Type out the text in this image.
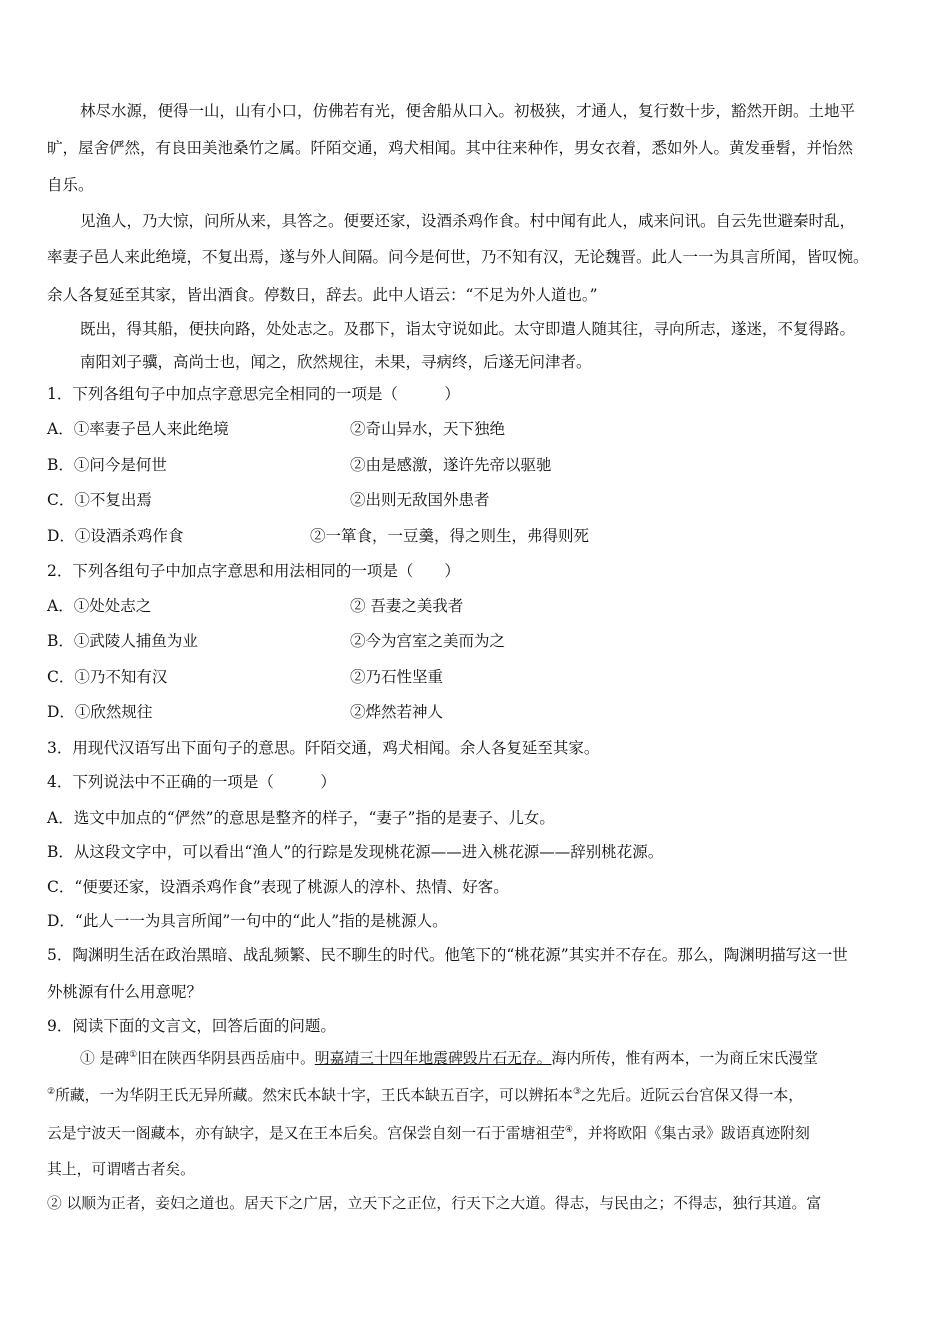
林尽水源，便得一山，山有小口，仿佛若有光，便舍船从口入。初极狭，才通人，复行数十步，豁然开朗。土地平
旷，屋舍俨然，有良田美池桑竹之属。阡陌交通，鸡犬相闻。其中往来种作，男女衣着，悉如外人。黄发垂髫，并怡然
自乐。
见渔人，乃大惊，问所从来，具答之。便要还家，设酒杀鸡作食。村中闻有此人，咸来问讯。自云先世避秦时乱，
率妻子邑人来此绝境，不复出焉，遂与外人间隔。问今是何世，乃不知有汉，无论魏晋。此人一一为具言所闻，皆叹惋。
余人各复延至其家，皆出酒食。停数日，辞去。此中人语云：“不足为外人道也。”
既出，得其船，便扶向路，处处志之。及郡下，诣太守说如此。太守即遣人随其往，寻向所志，遂迷，不复得路。
南阳刘子骥，高尚士也，闻之，欣然规往，未果，寻病终，后遂无问津者。
1．下列各组句子中加点字意思完全相同的一项是（　　　）
A．①率妻子邑人来此绝境	②奇山异水，天下独绝
B．①问今是何世	②由是感激，遂许先帝以驱驰
C．①不复出焉	②出则无敌国外患者
D．①设酒杀鸡作食	②一箪食，一豆羹，得之则生，弗得则死
2．下列各组句子中加点字意思和用法相同的一项是（　　）
A．①处处志之	② 吾妻之美我者
B．①武陵人捕鱼为业	②今为宫室之美而为之
C．①乃不知有汉	②乃石性坚重
D．①欣然规往	②烨然若神人
3．用现代汉语写出下面句子的意思。阡陌交通，鸡犬相闻。余人各复延至其家。
4．下列说法中不正确的一项是（　　　）
A．选文中加点的“俨然”的意思是整齐的样子，“妻子”指的是妻子、儿女。
B．从这段文字中，可以看出“渔人”的行踪是发现桃花源——进入桃花源——辞别桃花源。
C．“便要还家，设酒杀鸡作食”表现了桃源人的淳朴、热情、好客。
D．“此人一一为具言所闻”一句中的“此人”指的是桃源人。
5．陶渊明生活在政治黑暗、战乱频繁、民不聊生的时代。他笔下的“桃花源”其实并不存在。那么，陶渊明描写这一世
外桃源有什么用意呢？
9．阅读下面的文言文，回答后面的问题。
① 是碑①旧在陕西华阴县西岳庙中。明嘉靖三十四年地震碑毁片石无存。海内所传，惟有两本，一为商丘宋氏漫堂
②所藏，一为华阴王氏无异所藏。然宋氏本缺十字，王氏本缺五百字，可以辨拓本③之先后。近阮云台宫保又得一本，
云是宁波天一阁藏本，亦有缺字，是又在王本后矣。宫保尝自刻一石于雷塘祖茔④，并将欧阳《集古录》跋语真迹附刻
其上，可谓嗜古者矣。
② 以顺为正者，妾妇之道也。居天下之广居，立天下之正位，行天下之大道。得志，与民由之；不得志，独行其道。富
